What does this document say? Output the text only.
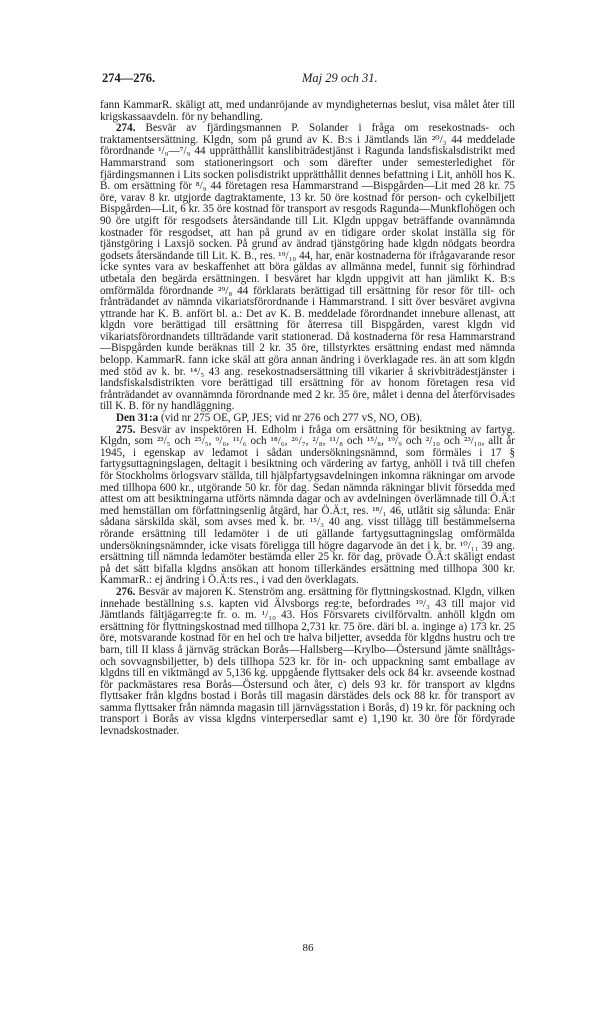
274—276.	Maj 29 och 31.

fann KammarR. skäligt att, med undanröjande av myndigheternas beslut, visa målet åter till krigskassaavdeln. för ny behandling.

274. Besvär av fjärdingsmannen P. Solander i fråga om resekostnads- och traktamentsersättning. Klgdn, som på grund av K. B:s i Jämtlands län ²⁰/₃ 44 meddelade förordnande ¹/₉—⁷/₉ 44 upprätthållit kanslibiträdestjänst i Ragunda landsfiskalsdistrikt med Hammarstrand som stationeringsort och som därefter under semesterledighet för fjärdingsmannen i Lits socken polisdistrikt upprätthållit dennes befattning i Lit, anhöll hos K. B. om ersättning för ⁸/₉ 44 företagen resa Hammarstrand —Bispgården—Lit med 28 kr. 75 öre, varav 8 kr. utgjorde dagtraktamente, 13 kr. 50 öre kostnad för person- och cykelbiljett Bispgården—Lit, 6 kr. 35 öre kostnad för transport av resgods Ragunda—Munkflohögen och 90 öre utgift för resgodsets återsändande till Lit. Klgdn uppgav beträffande ovannämnda kostnader för resgodset, att han på grund av en tidigare order skolat inställa sig för tjänstgöring i Laxsjö socken. På grund av ändrad tjänstgöring hade klgdn nödgats beordra godsets återsändande till Lit. K. B., res. ¹⁹/₁₀ 44, har, enär kostnaderna för ifrågavarande resor icke syntes vara av beskaffenhet att böra gäldas av allmänna medel, funnit sig förhindrad utbetala den begärda ersättningen. I besväret har klgdn uppgivit att han jämlikt K. B:s omförmälda förordnande ²⁹/₈ 44 förklarats berättigad till ersättning för resor för till- och frånträdandet av nämnda vikariatsförordnande i Hammarstrand. I sitt över besväret avgivna yttrande har K. B. anfört bl. a.: Det av K. B. meddelade förordnandet innebure allenast, att klgdn vore berättigad till ersättning för återresa till Bispgården, varest klgdn vid vikariatsförordnandets tillträdande varit stationerad. Då kostnaderna för resa Hammarstrand—Bispgården kunde beräknas till 2 kr. 35 öre, tillstyrktes ersättning endast med nämnda belopp. KammarR. fann icke skäl att göra annan ändring i överklagade res. än att som klgdn med stöd av k. br. ¹⁴/₅ 43 ang. resekostnadsersättning till vikarier å skrivbiträdestjänster i landsfiskalsdistrikten vore berättigad till ersättning för av honom företagen resa vid frånträdandet av ovannämnda förordnande med 2 kr. 35 öre, målet i denna del återförvisades till K. B. för ny handläggning.

Den 31:a (vid nr 275 OE, GP, JES; vid nr 276 och 277 vS, NO, OB).

275. Besvär av inspektören H. Edholm i fråga om ersättning för besiktning av fartyg. Klgdn, som ²³/₅ och ²⁵/₅, ⁹/₆, ¹¹/₆ och ¹⁸/₆, ²⁶/₇, ²/₈, ¹¹/₈ och ¹⁵/₈, ¹⁹/₉ och ²/₁₀ och ²³/₁₀, allt år 1945, i egenskap av ledamot i sådan undersökningsnämnd, som förmäles i 17 § fartygsuttagningslagen, deltagit i besiktning och värdering av fartyg, anhöll i två till chefen för Stockholms örlogsvarv ställda, till hjälpfartygsavdelningen inkomna räkningar om arvode med tillhopa 600 kr., utgörande 50 kr. för dag. Sedan nämnda räkningar blivit försedda med attest om att besiktningarna utförts nämnda dagar och av avdelningen överlämnade till Ö.Ä:t med hemställan om författningsenlig åtgärd, har Ö.Ä:t, res. ¹⁸/₁ 46, utlåtit sig sålunda: Enär sådana särskilda skäl, som avses med k. br. ¹⁵/₃ 40 ang. visst tillägg till bestämmelserna rörande ersättning till ledamöter i de uti gällande fartygsuttagningslag omförmälda undersökningsnämnder, icke visats föreligga till högre dagarvode än det i k. br. ¹⁰/₁₁ 39 ang. ersättning till nämnda ledamöter bestämda eller 25 kr. för dag, prövade Ö.Ä:t skäligt endast på det sätt bifalla klgdns ansökan att honom tillerkändes ersättning med tillhopa 300 kr. KammarR.: ej ändring i Ö.Ä:ts res., i vad den överklagats.

276. Besvär av majoren K. Stenström ang. ersättning för flyttningskostnad. Klgdn, vilken innehade beställning s.s. kapten vid Älvsborgs reg:te, befordrades ¹⁹/₃ 43 till major vid Jämtlands fältjägarreg:te fr. o. m. ¹/₁₀ 43. Hos Försvarets civilförvaltn. anhöll klgdn om ersättning för flyttningskostnad med tillhopa 2,731 kr. 75 öre. däri bl. a. inginge a) 173 kr. 25 öre, motsvarande kostnad för en hel och tre halva biljetter, avsedda för klgdns hustru och tre barn, till II klass å järnväg sträckan Borås—Hallsberg—Krylbo—Östersund jämte snälltågs- och sovvagnsbiljetter, b) dels tillhopa 523 kr. för in- och uppackning samt emballage av klgdns till en viktmängd av 5,136 kg. uppgående flyttsaker dels ock 84 kr. avseende kostnad för packmästares resa Borås—Östersund och åter, c) dels 93 kr. för transport av klgdns flyttsaker från klgdns bostad i Borås till magasin därstädes dels ock 88 kr. för transport av samma flyttsaker från nämnda magasin till järnvägsstation i Borås, d) 19 kr. för packning och transport i Borås av vissa klgdns vinterpersedlar samt e) 1,190 kr. 30 öre för fördyrade levnadskostnader.

86
